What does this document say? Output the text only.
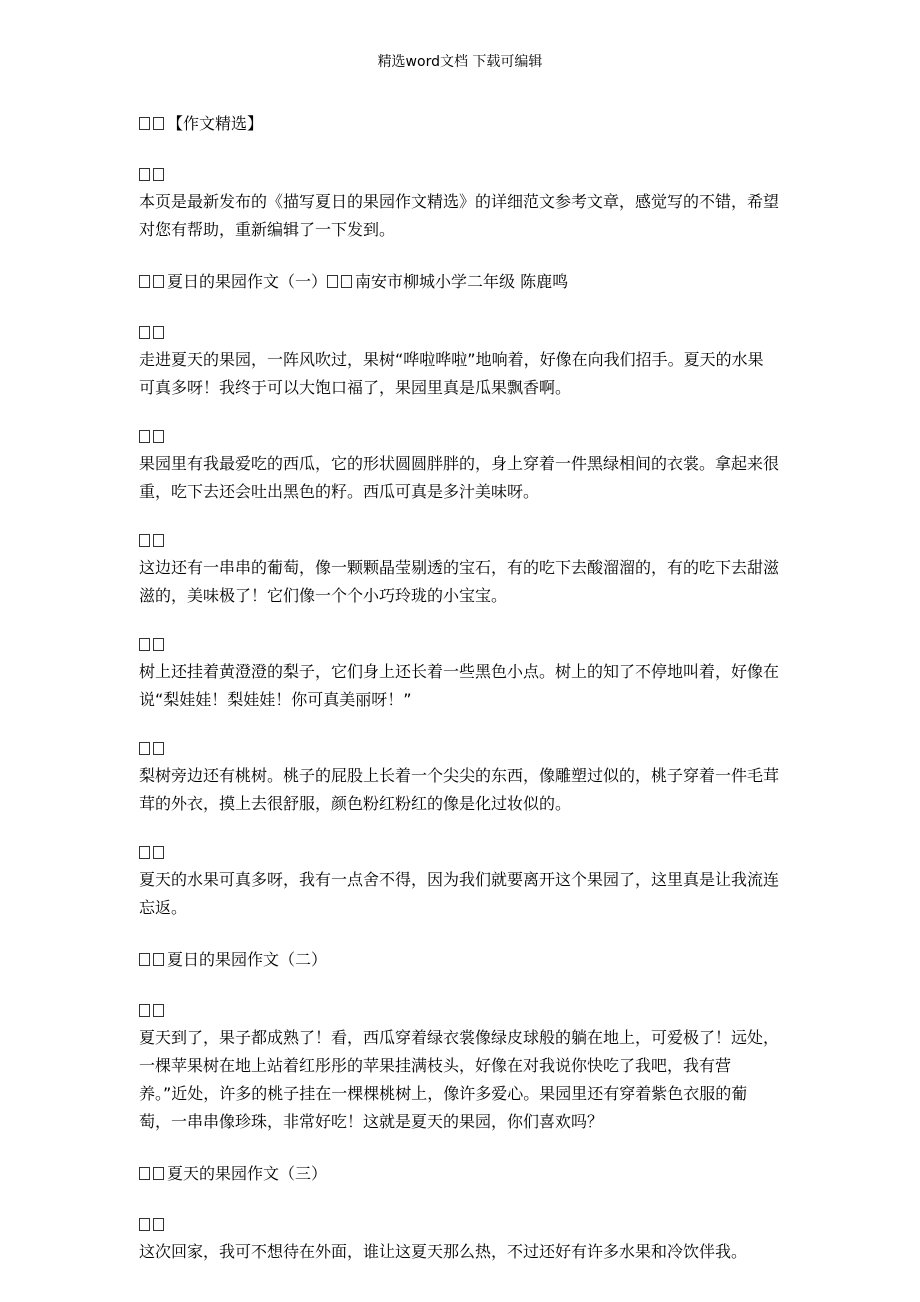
精选word文档 下载可编辑

【作文精选】

本页是最新发布的《描写夏日的果园作文精选》的详细范文参考文章，感觉写的不错，希望对您有帮助，重新编辑了一下发到。

夏日的果园作文（一） 南安市柳城小学二年级 陈鹿鸣

走进夏天的果园，一阵风吹过，果树“哗啦哗啦”地响着，好像在向我们招手。夏天的水果可真多呀！我终于可以大饱口福了，果园里真是瓜果飘香啊。

果园里有我最爱吃的西瓜，它的形状圆圆胖胖的，身上穿着一件黑绿相间的衣裳。拿起来很重，吃下去还会吐出黑色的籽。西瓜可真是多汁美味呀。

这边还有一串串的葡萄，像一颗颗晶莹剔透的宝石，有的吃下去酸溜溜的，有的吃下去甜滋滋的，美味极了！它们像一个个小巧玲珑的小宝宝。

树上还挂着黄澄澄的梨子，它们身上还长着一些黑色小点。树上的知了不停地叫着，好像在说“梨娃娃！梨娃娃！你可真美丽呀！”

梨树旁边还有桃树。桃子的屁股上长着一个尖尖的东西，像雕塑过似的，桃子穿着一件毛茸茸的外衣，摸上去很舒服，颜色粉红粉红的像是化过妆似的。

夏天的水果可真多呀，我有一点舍不得，因为我们就要离开这个果园了，这里真是让我流连忘返。

夏日的果园作文（二）

夏天到了，果子都成熟了！看，西瓜穿着绿衣裳像绿皮球般的躺在地上，可爱极了！远处，一棵苹果树在地上站着红彤彤的苹果挂满枝头，好像在对我说你快吃了我吧，我有营养。”近处，许多的桃子挂在一棵棵桃树上，像许多爱心。果园里还有穿着紫色衣服的葡萄，一串串像珍珠，非常好吃！这就是夏天的果园，你们喜欢吗？

夏天的果园作文（三）

这次回家，我可不想待在外面，谁让这夏天那么热，不过还好有许多水果和冷饮伴我。
